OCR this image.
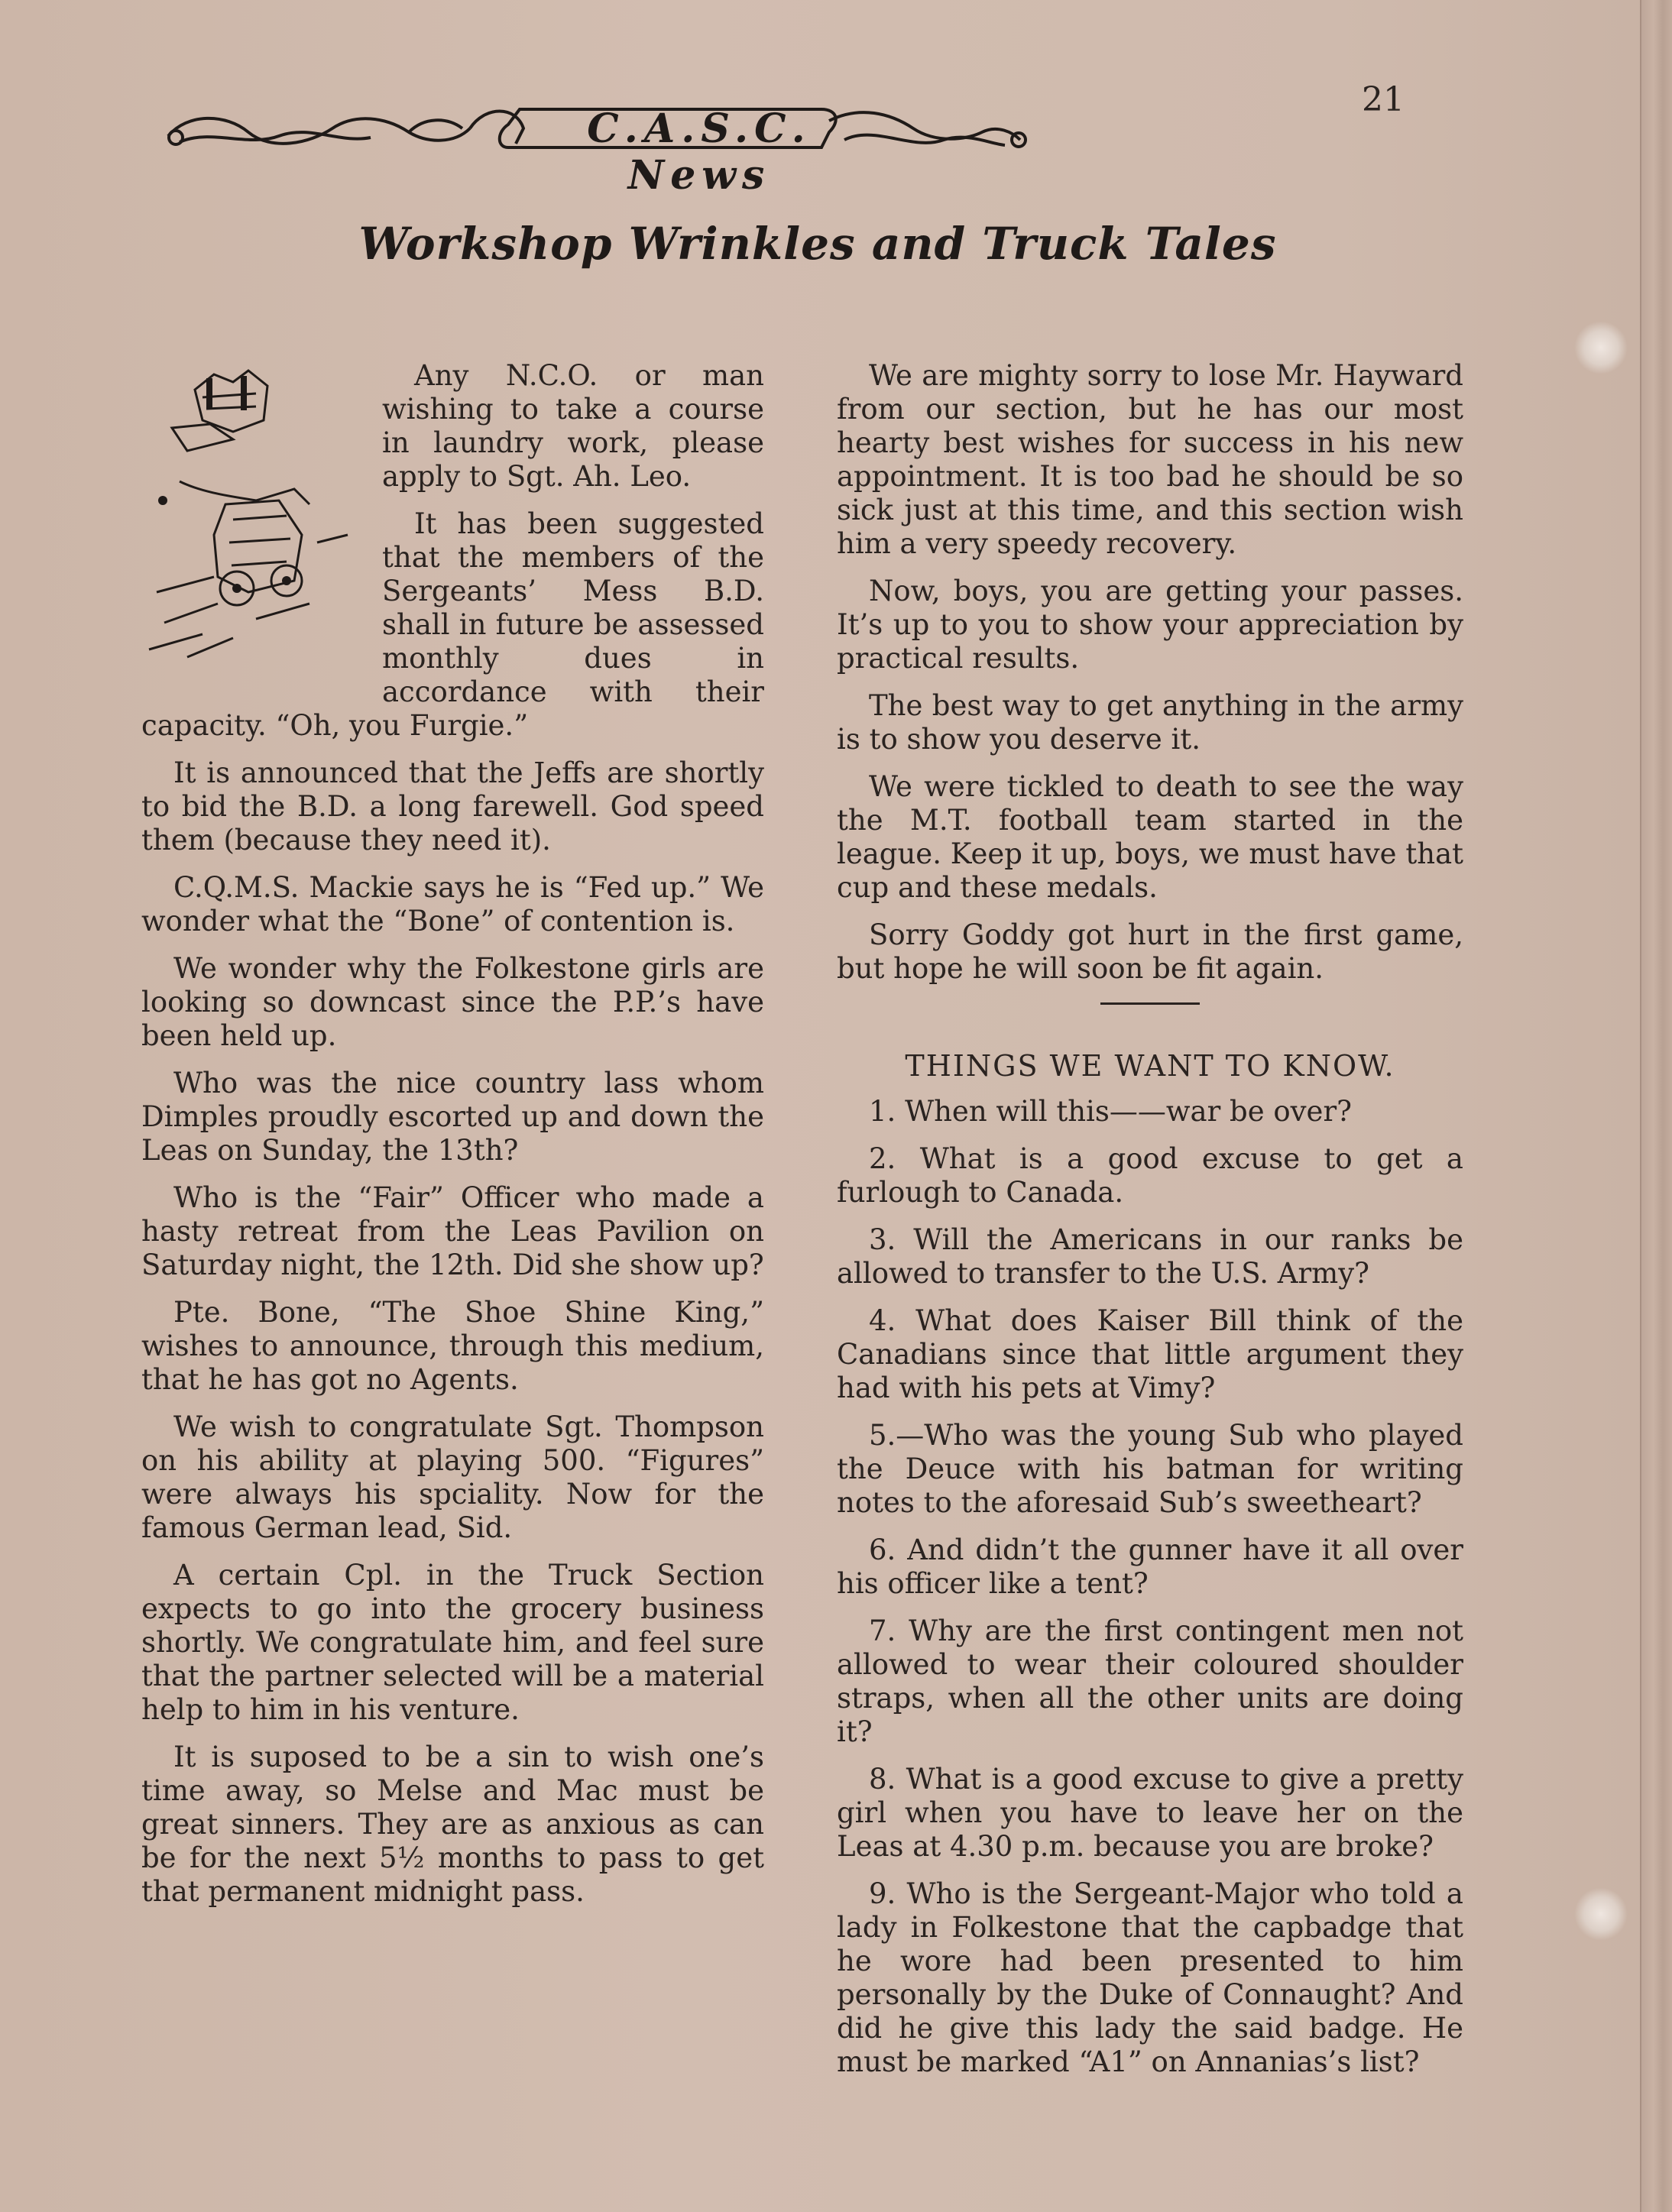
C.A.S.C. News
21
Workshop Wrinkles and Truck Tales

Any N.C.O. or man wishing to take a course in laundry work, please apply to Sgt. Ah. Leo.

It has been suggested that the members of the Sergeants’ Mess B.D. shall in future be assessed monthly dues in accordance with their capacity. “Oh, you Furgie.”

It is announced that the Jeffs are shortly to bid the B.D. a long farewell. God speed them (because they need it).

C.Q.M.S. Mackie says he is “Fed up.” We wonder what the “Bone” of contention is.

We wonder why the Folkestone girls are looking so downcast since the P.P.’s have been held up.

Who was the nice country lass whom Dimples proudly escorted up and down the Leas on Sunday, the 13th?

Who is the “Fair” Officer who made a hasty retreat from the Leas Pavilion on Saturday night, the 12th. Did she show up?

Pte. Bone, “The Shoe Shine King,” wishes to announce, through this medium, that he has got no Agents.

We wish to congratulate Sgt. Thompson on his ability at playing 500. “Figures” were always his spciality. Now for the famous German lead, Sid.

A certain Cpl. in the Truck Section expects to go into the grocery business shortly. We congratulate him, and feel sure that the partner selected will be a material help to him in his venture.

It is suposed to be a sin to wish one’s time away, so Melse and Mac must be great sinners. They are as anxious as can be for the next 5½ months to pass to get that permanent midnight pass.

We are mighty sorry to lose Mr. Hayward from our section, but he has our most hearty best wishes for success in his new appointment. It is too bad he should be so sick just at this time, and this section wish him a very speedy recovery.

Now, boys, you are getting your passes. It’s up to you to show your appreciation by practical results.

The best way to get anything in the army is to show you deserve it.

We were tickled to death to see the way the M.T. football team started in the league. Keep it up, boys, we must have that cup and these medals.

Sorry Goddy got hurt in the first game, but hope he will soon be fit again.

THINGS WE WANT TO KNOW.

1. When will this——war be over?

2. What is a good excuse to get a furlough to Canada.

3. Will the Americans in our ranks be allowed to transfer to the U.S. Army?

4. What does Kaiser Bill think of the Canadians since that little argument they had with his pets at Vimy?

5.—Who was the young Sub who played the Deuce with his batman for writing notes to the aforesaid Sub’s sweetheart?

6. And didn’t the gunner have it all over his officer like a tent?

7. Why are the first contingent men not allowed to wear their coloured shoulder straps, when all the other units are doing it?

8. What is a good excuse to give a pretty girl when you have to leave her on the Leas at 4.30 p.m. because you are broke?

9. Who is the Sergeant-Major who told a lady in Folkestone that the capbadge that he wore had been presented to him personally by the Duke of Connaught? And did he give this lady the said badge. He must be marked “A1” on Annanias’s list?
